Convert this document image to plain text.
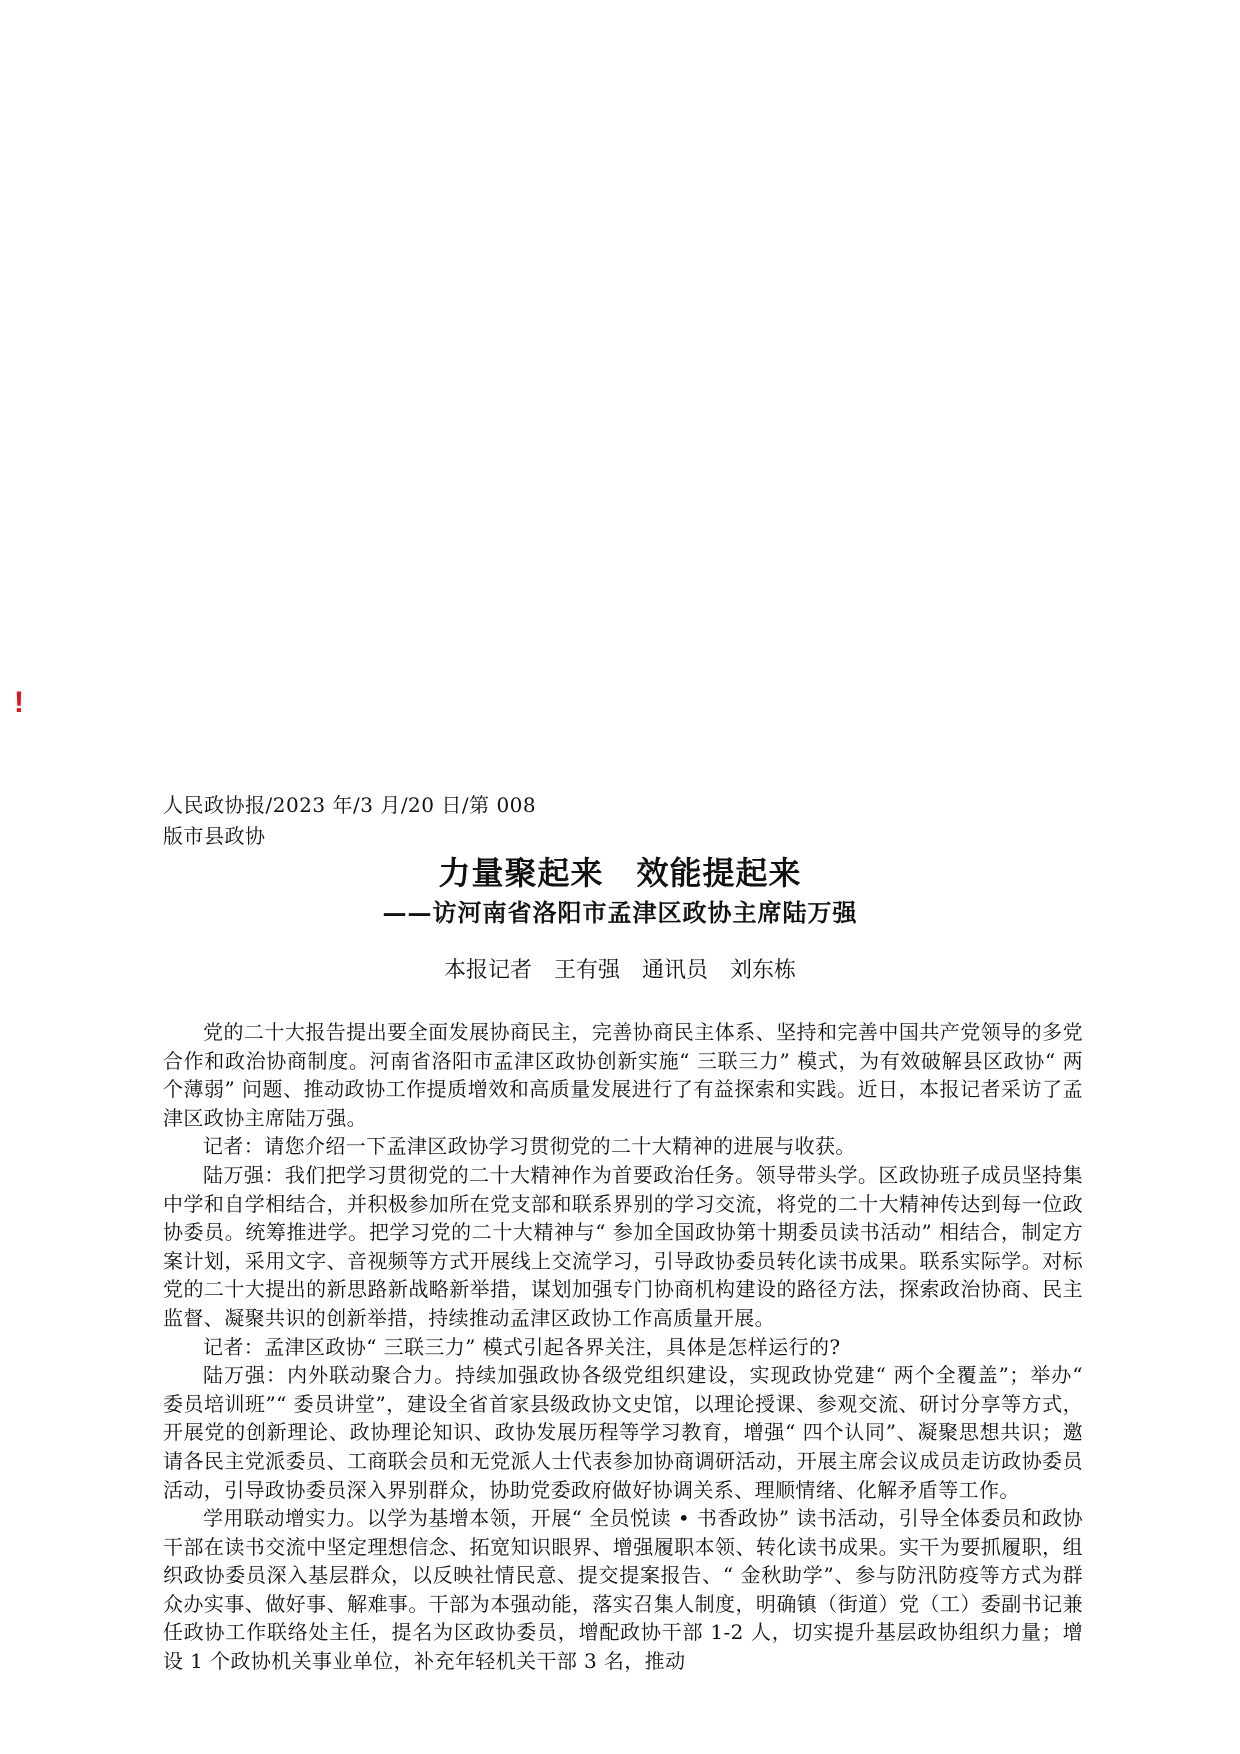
!
人民政协报/2023 年/3 月/20 日/第 008
版市县政协
力量聚起来　效能提起来
——访河南省洛阳市孟津区政协主席陆万强
本报记者　王有强　通讯员　刘东栋

党的二十大报告提出要全面发展协商民主，完善协商民主体系、坚持和完善中国共产党领导的多党合作和政治协商制度。河南省洛阳市孟津区政协创新实施“ 三联三力” 模式，为有效破解县区政协“ 两个薄弱” 问题、推动政协工作提质增效和高质量发展进行了有益探索和实践。近日，本报记者采访了孟津区政协主席陆万强。

记者：请您介绍一下孟津区政协学习贯彻党的二十大精神的进展与收获。

陆万强：我们把学习贯彻党的二十大精神作为首要政治任务。领导带头学。区政协班子成员坚持集中学和自学相结合，并积极参加所在党支部和联系界别的学习交流，将党的二十大精神传达到每一位政协委员。统筹推进学。把学习党的二十大精神与“ 参加全国政协第十期委员读书活动” 相结合，制定方案计划，采用文字、音视频等方式开展线上交流学习，引导政协委员转化读书成果。联系实际学。对标党的二十大提出的新思路新战略新举措，谋划加强专门协商机构建设的路径方法，探索政治协商、民主监督、凝聚共识的创新举措，持续推动孟津区政协工作高质量开展。

记者：孟津区政协“ 三联三力” 模式引起各界关注，具体是怎样运行的?

陆万强：内外联动聚合力。持续加强政协各级党组织建设，实现政协党建“ 两个全覆盖”；举办“ 委员培训班”“ 委员讲堂”，建设全省首家县级政协文史馆，以理论授课、参观交流、研讨分享等方式，开展党的创新理论、政协理论知识、政协发展历程等学习教育，增强“ 四个认同”、凝聚思想共识；邀请各民主党派委员、工商联会员和无党派人士代表参加协商调研活动，开展主席会议成员走访政协委员活动，引导政协委员深入界别群众，协助党委政府做好协调关系、理顺情绪、化解矛盾等工作。

学用联动增实力。以学为基增本领，开展“ 全员悦读 • 书香政协” 读书活动，引导全体委员和政协干部在读书交流中坚定理想信念、拓宽知识眼界、增强履职本领、转化读书成果。实干为要抓履职，组织政协委员深入基层群众，以反映社情民意、提交提案报告、“ 金秋助学”、参与防汛防疫等方式为群众办实事、做好事、解难事。干部为本强动能，落实召集人制度，明确镇（街道）党（工）委副书记兼任政协工作联络处主任，提名为区政协委员，增配政协干部 1-2 人，切实提升基层政协组织力量；增设 1 个政协机关事业单位，补充年轻机关干部 3 名，推动
